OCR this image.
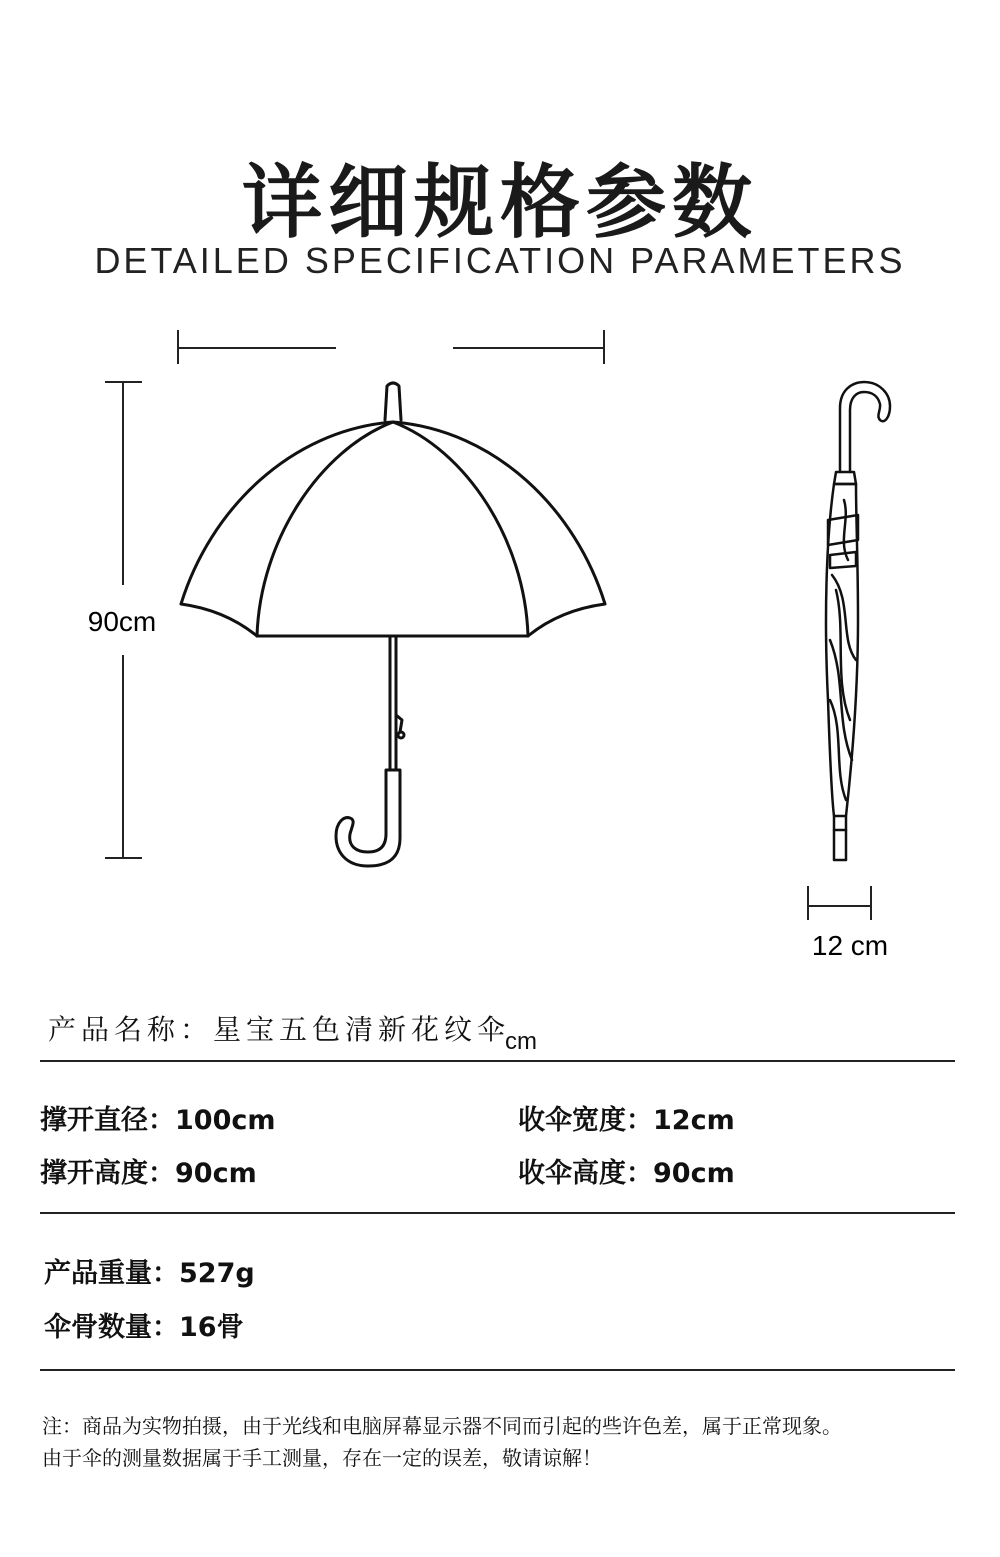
详细规格参数
DETAILED SPECIFICATION PARAMETERS
90cm
12 cm
产品名称：星宝五色清新花纹伞
cm
撑开直径：100cm	收伞宽度：12cm
撑开高度：90cm	收伞高度：90cm
产品重量：527g
伞骨数量：16骨
注：商品为实物拍摄，由于光线和电脑屏幕显示器不同而引起的些许色差，属于正常现象。
由于伞的测量数据属于手工测量，存在一定的误差，敬请谅解！
